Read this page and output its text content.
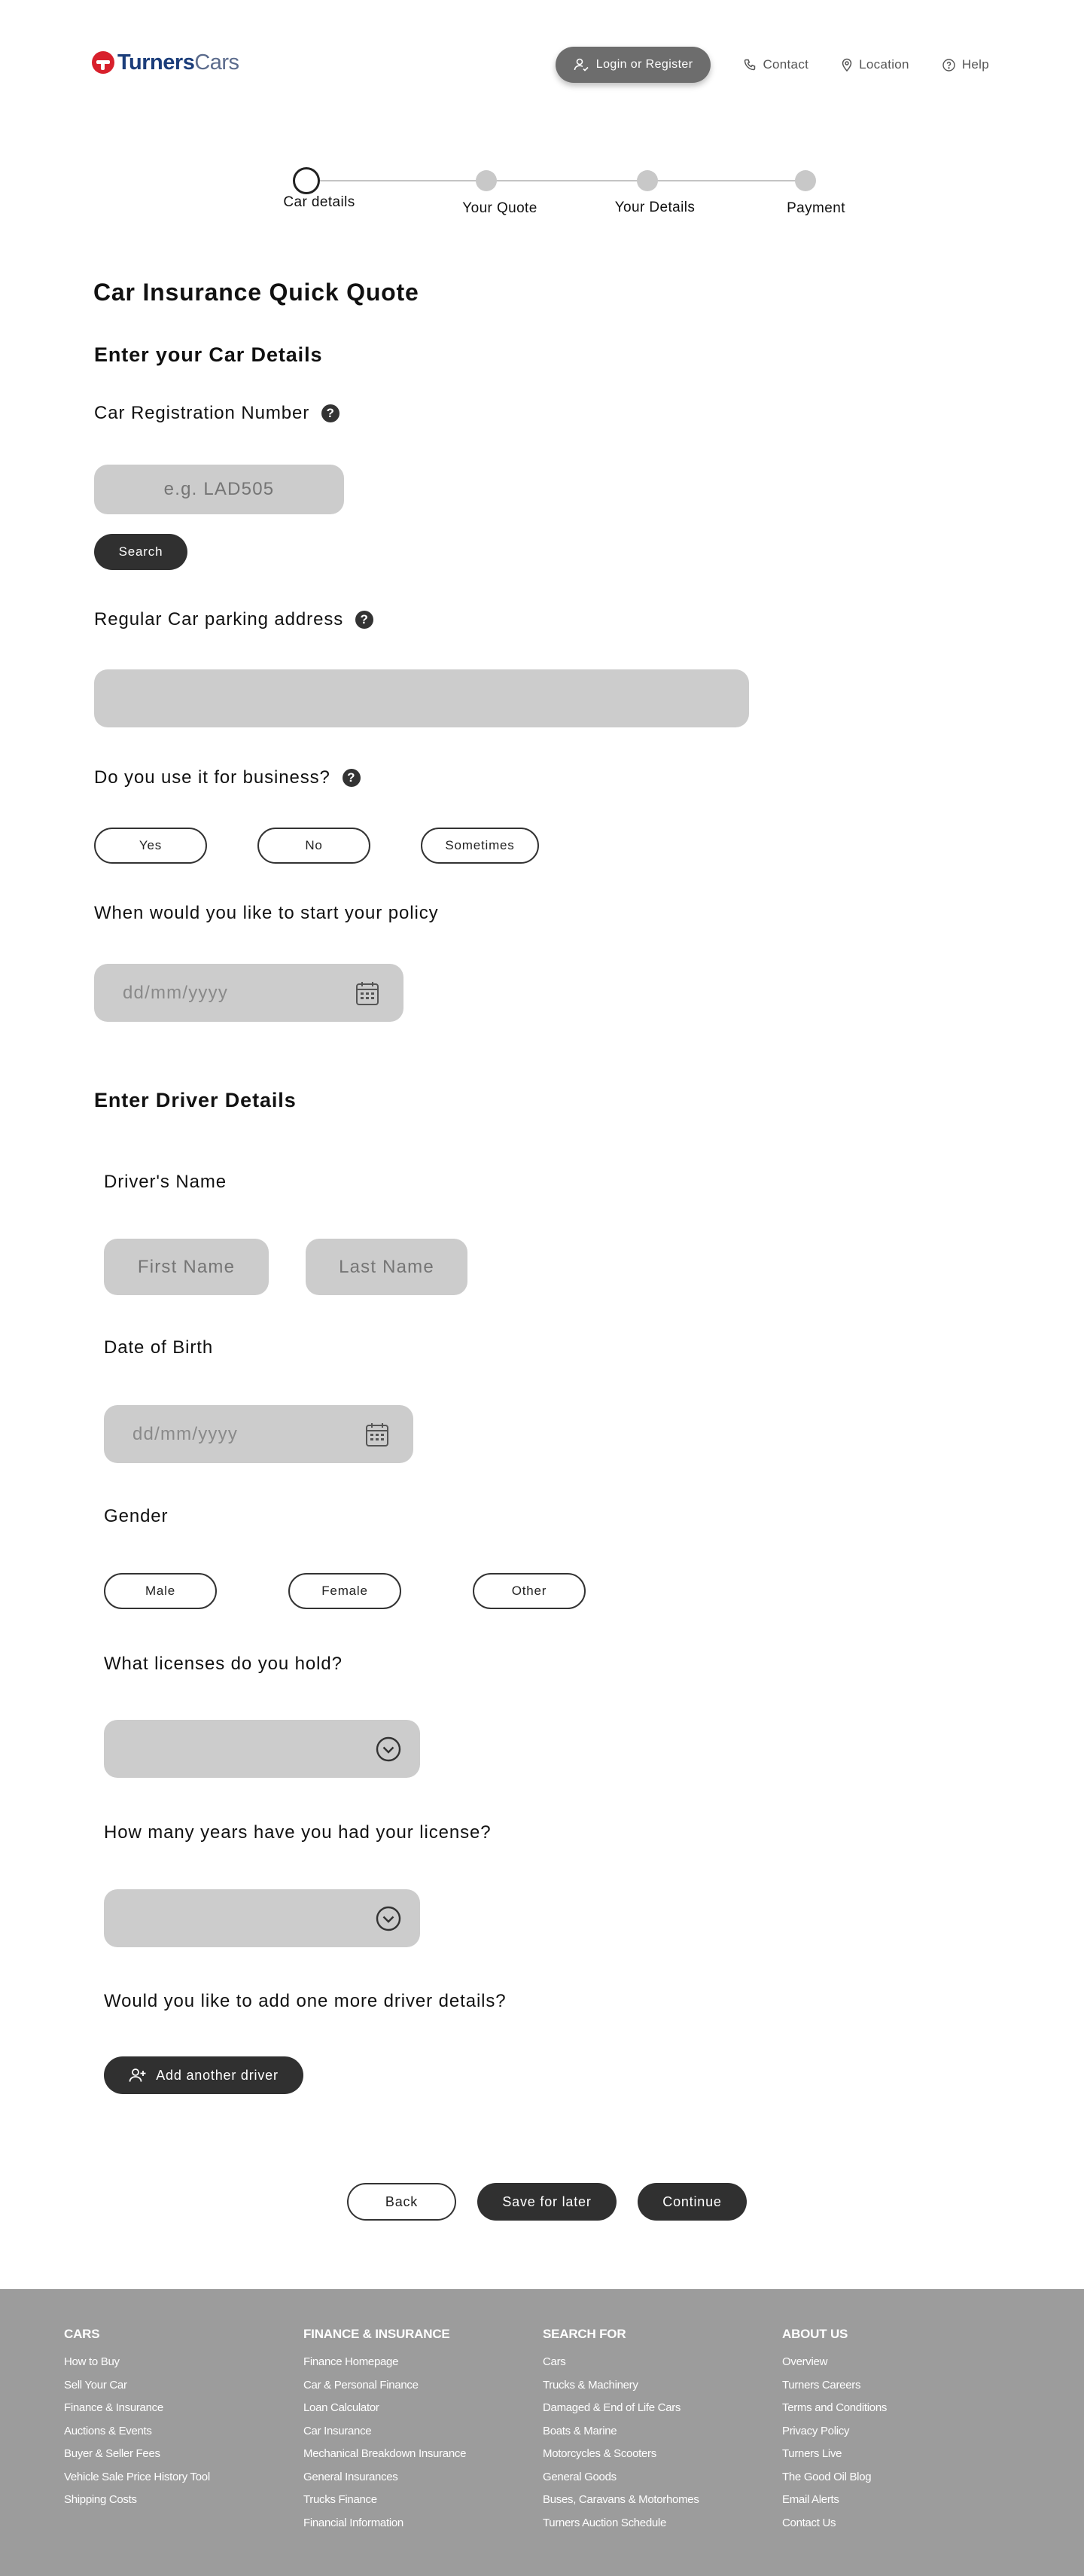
Turners Cars	Login or Register	Contact	Location	Help
Car details	Your Quote	Your Details	Payment
Car Insurance Quick Quote
Enter your Car Details
Car Registration Number	?
e.g. LAD505
Search
Regular Car parking address	?
Do you use it for business?	?
Yes	No	Sometimes
When would you like to start your policy
dd/mm/yyyy
Enter Driver Details
Driver's Name
First Name
Last Name
Date of Birth
dd/mm/yyyy
Gender
Male	Female	Other
What licenses do you hold?
How many years have you had your license?
Would you like to add one more driver details?
Add another driver
Back	Save for later	Continue
CARS
How to Buy
Sell Your Car
Finance & Insurance
Auctions & Events
Buyer & Seller Fees
Vehicle Sale Price History Tool
Shipping Costs
FINANCE & INSURANCE
Finance Homepage
Car & Personal Finance
Loan Calculator
Car Insurance
Mechanical Breakdown Insurance
General Insurances
Trucks Finance
Financial Information
SEARCH FOR
Cars
Trucks & Machinery
Damaged & End of Life Cars
Boats & Marine
Motorcycles & Scooters
General Goods
Buses, Caravans & Motorhomes
Turners Auction Schedule
ABOUT US
Overview
Turners Careers
Terms and Conditions
Privacy Policy
Turners Live
The Good Oil Blog
Email Alerts
Contact Us
